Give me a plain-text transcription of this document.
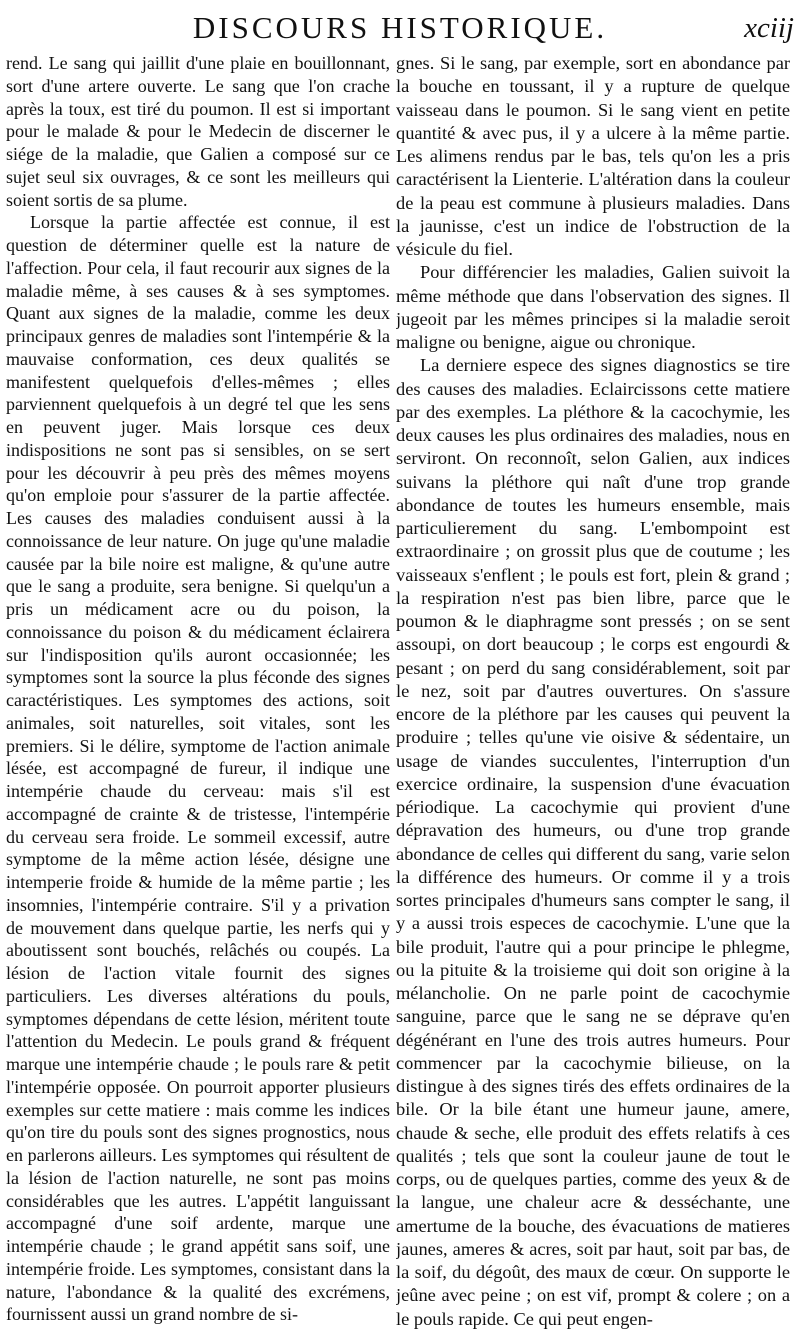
DISCOURS HISTORIQUE.	xciij

rend. Le sang qui jaillit d'une plaie en bouillonnant, sort d'une artere ouverte. Le sang que l'on crache après la toux, est tiré du poumon. Il est si important pour le malade & pour le Medecin de discerner le siége de la maladie, que Galien a composé sur ce sujet seul six ouvrages, & ce sont les meilleurs qui soient sortis de sa plume.

Lorsque la partie affectée est connue, il est question de déterminer quelle est la nature de l'affection. Pour cela, il faut recourir aux signes de la maladie même, à ses causes & à ses symptomes. Quant aux signes de la maladie, comme les deux principaux genres de maladies sont l'intempérie & la mauvaise conformation, ces deux qualités se manifestent quelquefois d'elles-mêmes ; elles parviennent quelquefois à un degré tel que les sens en peuvent juger. Mais lorsque ces deux indispositions ne sont pas si sensibles, on se sert pour les découvrir à peu près des mêmes moyens qu'on emploie pour s'assurer de la partie affectée. Les causes des maladies conduisent aussi à la connoissance de leur nature. On juge qu'une maladie causée par la bile noire est maligne, & qu'une autre que le sang a produite, sera benigne. Si quelqu'un a pris un médicament acre ou du poison, la connoissance du poison & du médicament éclairera sur l'indisposition qu'ils auront occasionnée; les symptomes sont la source la plus féconde des signes caractéristiques. Les symptomes des actions, soit animales, soit naturelles, soit vitales, sont les premiers. Si le délire, symptome de l'action animale lésée, est accompagné de fureur, il indique une intempérie chaude du cerveau: mais s'il est accompagné de crainte & de tristesse, l'intempérie du cerveau sera froide. Le sommeil excessif, autre symptome de la même action lésée, désigne une intemperie froide & humide de la même partie ; les insomnies, l'intempérie contraire. S'il y a privation de mouvement dans quelque partie, les nerfs qui y aboutissent sont bouchés, relâchés ou coupés. La lésion de l'action vitale fournit des signes particuliers. Les diverses altérations du pouls, symptomes dépendans de cette lésion, méritent toute l'attention du Medecin. Le pouls grand & fréquent marque une intempérie chaude ; le pouls rare & petit l'intempérie opposée. On pourroit apporter plusieurs exemples sur cette matiere : mais comme les indices qu'on tire du pouls sont des signes prognostics, nous en parlerons ailleurs. Les symptomes qui résultent de la lésion de l'action naturelle, ne sont pas moins considérables que les autres. L'appétit languissant accompagné d'une soif ardente, marque une intempérie chaude ; le grand appétit sans soif, une intempérie froide. Les symptomes, consistant dans la nature, l'abondance & la qualité des excrémens, fournissent aussi un grand nombre de si-

gnes. Si le sang, par exemple, sort en abondance par la bouche en toussant, il y a rupture de quelque vaisseau dans le poumon. Si le sang vient en petite quantité & avec pus, il y a ulcere à la même partie. Les alimens rendus par le bas, tels qu'on les a pris caractérisent la Lienterie. L'altération dans la couleur de la peau est commune à plusieurs maladies. Dans la jaunisse, c'est un indice de l'obstruction de la vésicule du fiel.

Pour différencier les maladies, Galien suivoit la même méthode que dans l'observation des signes. Il jugeoit par les mêmes principes si la maladie seroit maligne ou benigne, aigue ou chronique.

La derniere espece des signes diagnostics se tire des causes des maladies. Eclaircissons cette matiere par des exemples. La pléthore & la cacochymie, les deux causes les plus ordinaires des maladies, nous en serviront. On reconnoît, selon Galien, aux indices suivans la pléthore qui naît d'une trop grande abondance de toutes les humeurs ensemble, mais particulierement du sang. L'embompoint est extraordinaire ; on grossit plus que de coutume ; les vaisseaux s'enflent ; le pouls est fort, plein & grand ; la respiration n'est pas bien libre, parce que le poumon & le diaphragme sont pressés ; on se sent assoupi, on dort beaucoup ; le corps est engourdi & pesant ; on perd du sang considérablement, soit par le nez, soit par d'autres ouvertures. On s'assure encore de la pléthore par les causes qui peuvent la produire ; telles qu'une vie oisive & sédentaire, un usage de viandes succulentes, l'interruption d'un exercice ordinaire, la suspension d'une évacuation périodique. La cacochymie qui provient d'une dépravation des humeurs, ou d'une trop grande abondance de celles qui different du sang, varie selon la différence des humeurs. Or comme il y a trois sortes principales d'humeurs sans compter le sang, il y a aussi trois especes de cacochymie. L'une que la bile produit, l'autre qui a pour principe le phlegme, ou la pituite & la troisieme qui doit son origine à la mélancholie. On ne parle point de cacochymie sanguine, parce que le sang ne se déprave qu'en dégénérant en l'une des trois autres humeurs. Pour commencer par la cacochymie bilieuse, on la distingue à des signes tirés des effets ordinaires de la bile. Or la bile étant une humeur jaune, amere, chaude & seche, elle produit des effets relatifs à ces qualités ; tels que sont la couleur jaune de tout le corps, ou de quelques parties, comme des yeux & de la langue, une chaleur acre & desséchante, une amertume de la bouche, des évacuations de matieres jaunes, ameres & acres, soit par haut, soit par bas, de la soif, du dégoût, des maux de cœur. On supporte le jeûne avec peine ; on est vif, prompt & colere ; on a le pouls rapide. Ce qui peut engen-
